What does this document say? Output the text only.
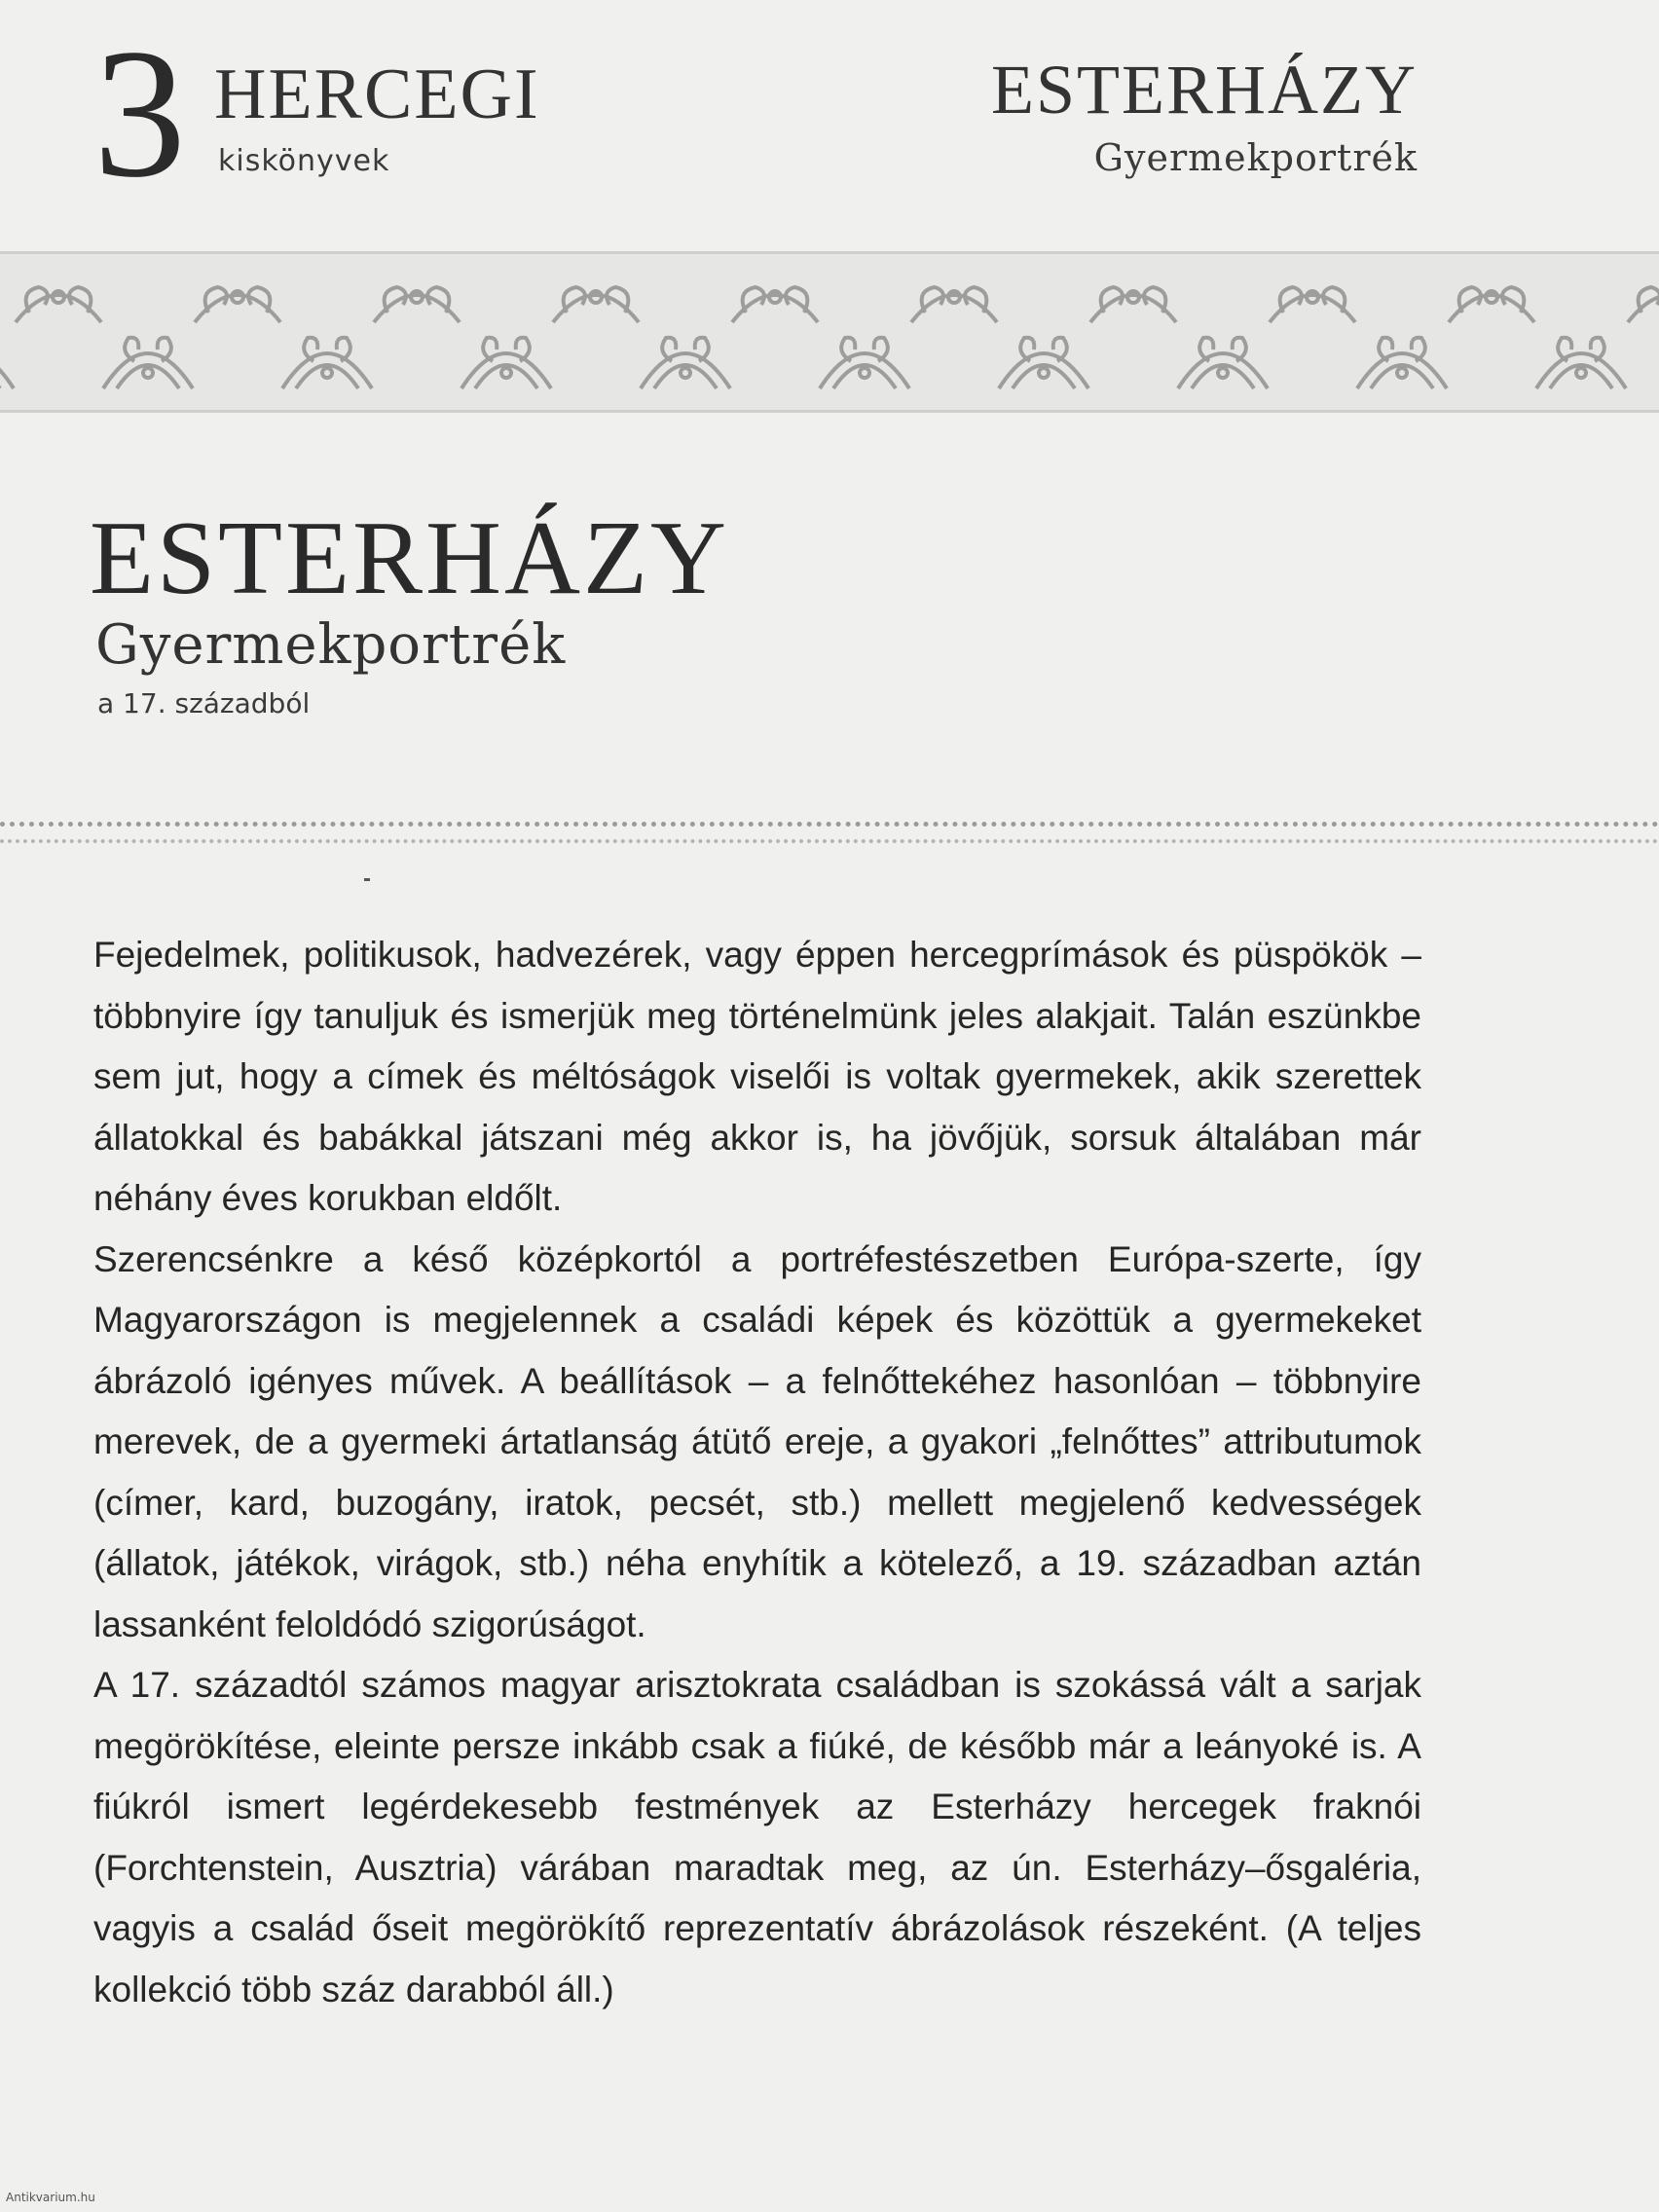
3 HERCEGI
kiskönyvek
ESTERHÁZY
Gyermekportrék
ESTERHÁZY
Gyermekportrék
a 17. századból

Fejedelmek, politikusok, hadvezérek, vagy éppen hercegprímások és püspökök – többnyire így tanuljuk és ismerjük meg történelmünk jeles alakjait. Talán eszünkbe sem jut, hogy a címek és méltóságok viselői is voltak gyermekek, akik szerettek állatokkal és babákkal játszani még akkor is, ha jövőjük, sorsuk általában már néhány éves korukban eldőlt.

Szerencsénkre a késő középkortól a portréfestészetben Európa-szerte, így Magyarországon is megjelennek a családi képek és közöttük a gyermekeket ábrázoló igényes művek. A beállítások – a felnőttekéhez hasonlóan – többnyire merevek, de a gyermeki ártatlanság átütő ereje, a gyakori „felnőttes” attributumok (címer, kard, buzogány, iratok, pecsét, stb.) mellett megjelenő kedvességek (állatok, játékok, virágok, stb.) néha enyhítik a kötelező, a 19. században aztán lassanként feloldódó szigorúságot.

A 17. századtól számos magyar arisztokrata családban is szokássá vált a sarjak megörökítése, eleinte persze inkább csak a fiúké, de később már a leányoké is. A fiúkról ismert legérdekesebb festmények az Esterházy hercegek fraknói (Forchtenstein, Ausztria) várában maradtak meg, az ún. Esterházy–ősgaléria, vagyis a család őseit megörökítő reprezentatív ábrázolások részeként. (A teljes kollekció több száz darabból áll.)

Antikvarium.hu
